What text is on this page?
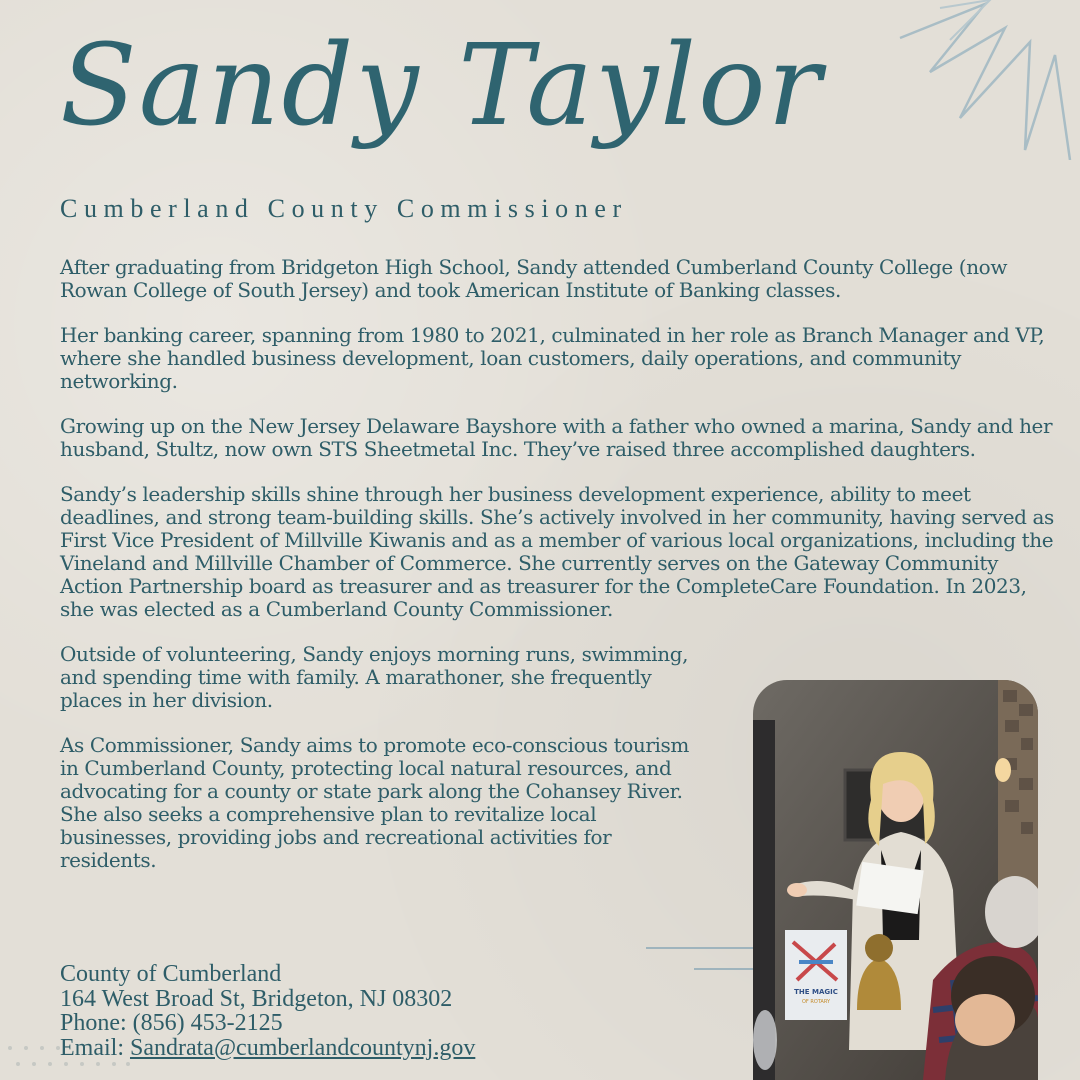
Sandy Taylor
Cumberland County Commissioner

After graduating from Bridgeton High School, Sandy attended Cumberland County College (now Rowan College of South Jersey) and took American Institute of Banking classes.

Her banking career, spanning from 1980 to 2021, culminated in her role as Branch Manager and VP, where she handled business development, loan customers, daily operations, and community networking.

Growing up on the New Jersey Delaware Bayshore with a father who owned a marina, Sandy and her husband, Stultz, now own STS Sheetmetal Inc. They’ve raised three accomplished daughters.

Sandy’s leadership skills shine through her business development experience, ability to meet deadlines, and strong team-building skills. She’s actively involved in her community, having served as First Vice President of Millville Kiwanis and as a member of various local organizations, including the Vineland and Millville Chamber of Commerce. She currently serves on the Gateway Community Action Partnership board as treasurer and as treasurer for the CompleteCare Foundation. In 2023, she was elected as a Cumberland County Commissioner.

Outside of volunteering, Sandy enjoys morning runs, swimming, and spending time with family. A marathoner, she frequently places in her division.

As Commissioner, Sandy aims to promote eco-conscious tourism in Cumberland County, protecting local natural resources, and advocating for a county or state park along the Cohansey River. She also seeks a comprehensive plan to revitalize local businesses, providing jobs and recreational activities for residents.

County of Cumberland
164 West Broad St, Bridgeton, NJ 08302
Phone: (856) 453-2125
Email: Sandrata@cumberlandcountynj.gov
THE MAGIC
OF ROTARY
